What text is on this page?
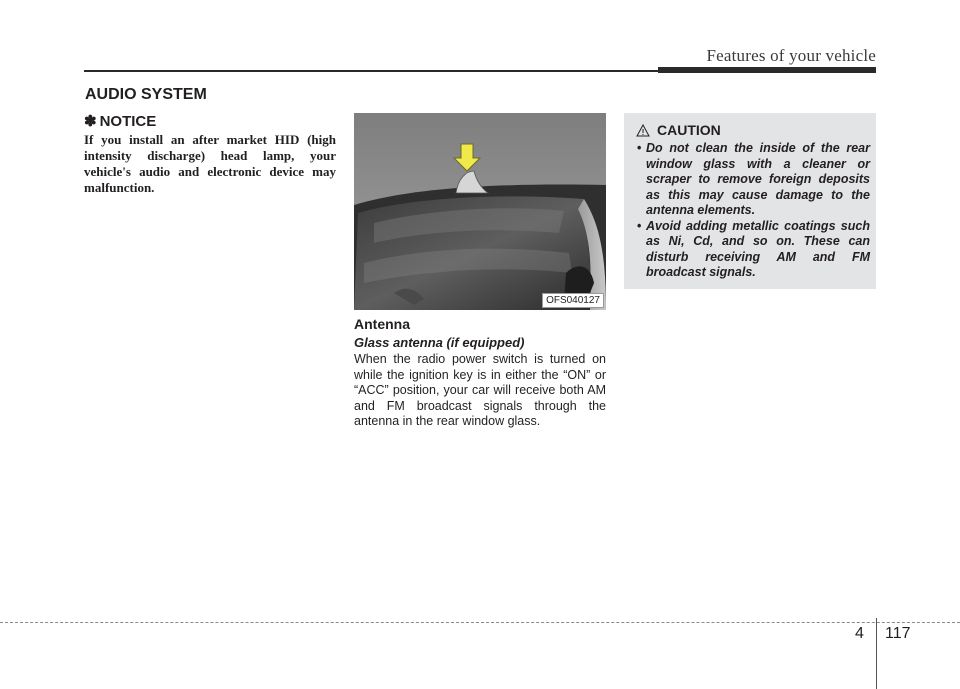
Features of your vehicle
AUDIO SYSTEM
✽ NOTICE
If you install an after market HID (high intensity discharge) head lamp, your vehicle's audio and electronic device may malfunction.
OFS040127
Antenna
Glass antenna (if equipped)
When the radio power switch is turned on while the ignition key is in either the “ON” or “ACC” position, your car will receive both AM and FM broadcast signals through the antenna in the rear window glass.
CAUTION
• Do not clean the inside of the rear window glass with a cleaner or scraper to remove foreign deposits as this may cause damage to the antenna elements.
• Avoid adding metallic coatings such as Ni, Cd, and so on. These can disturb receiving AM and FM broadcast signals.
4 117
